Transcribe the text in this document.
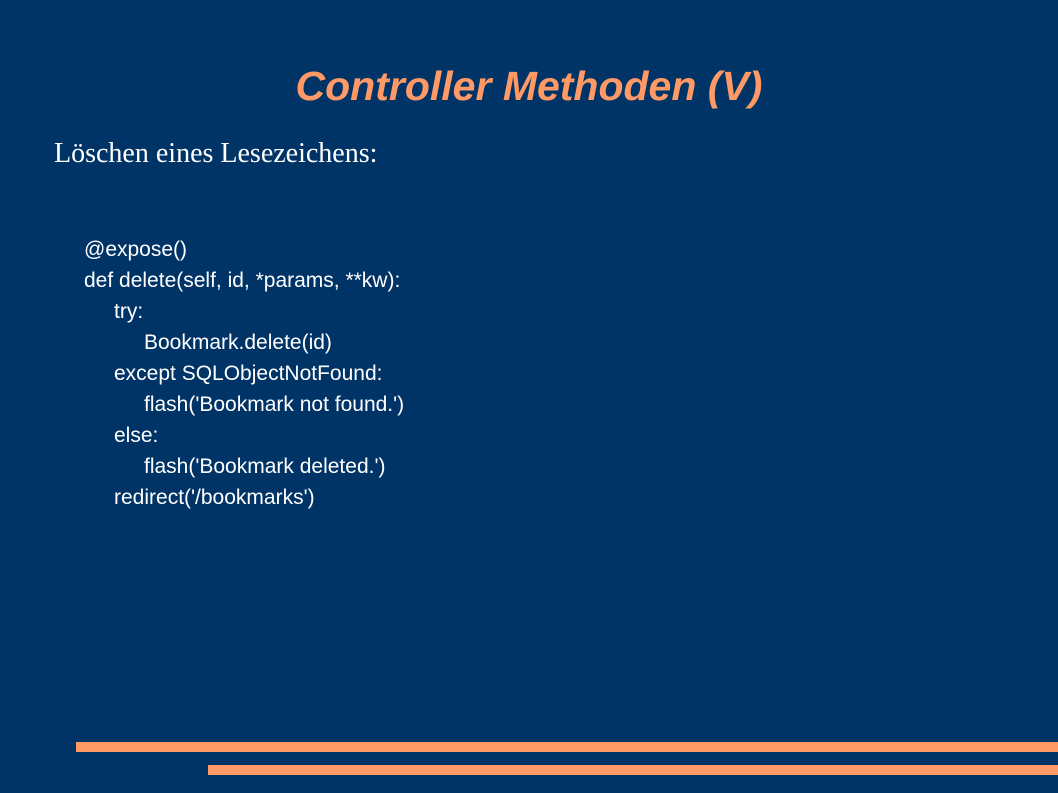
Controller Methoden (V)

Löschen eines Lesezeichens:

@expose()
def delete(self, id, *params, **kw):
try:
Bookmark.delete(id)
except SQLObjectNotFound:
flash('Bookmark not found.')
else:
flash('Bookmark deleted.')
redirect('/bookmarks')
